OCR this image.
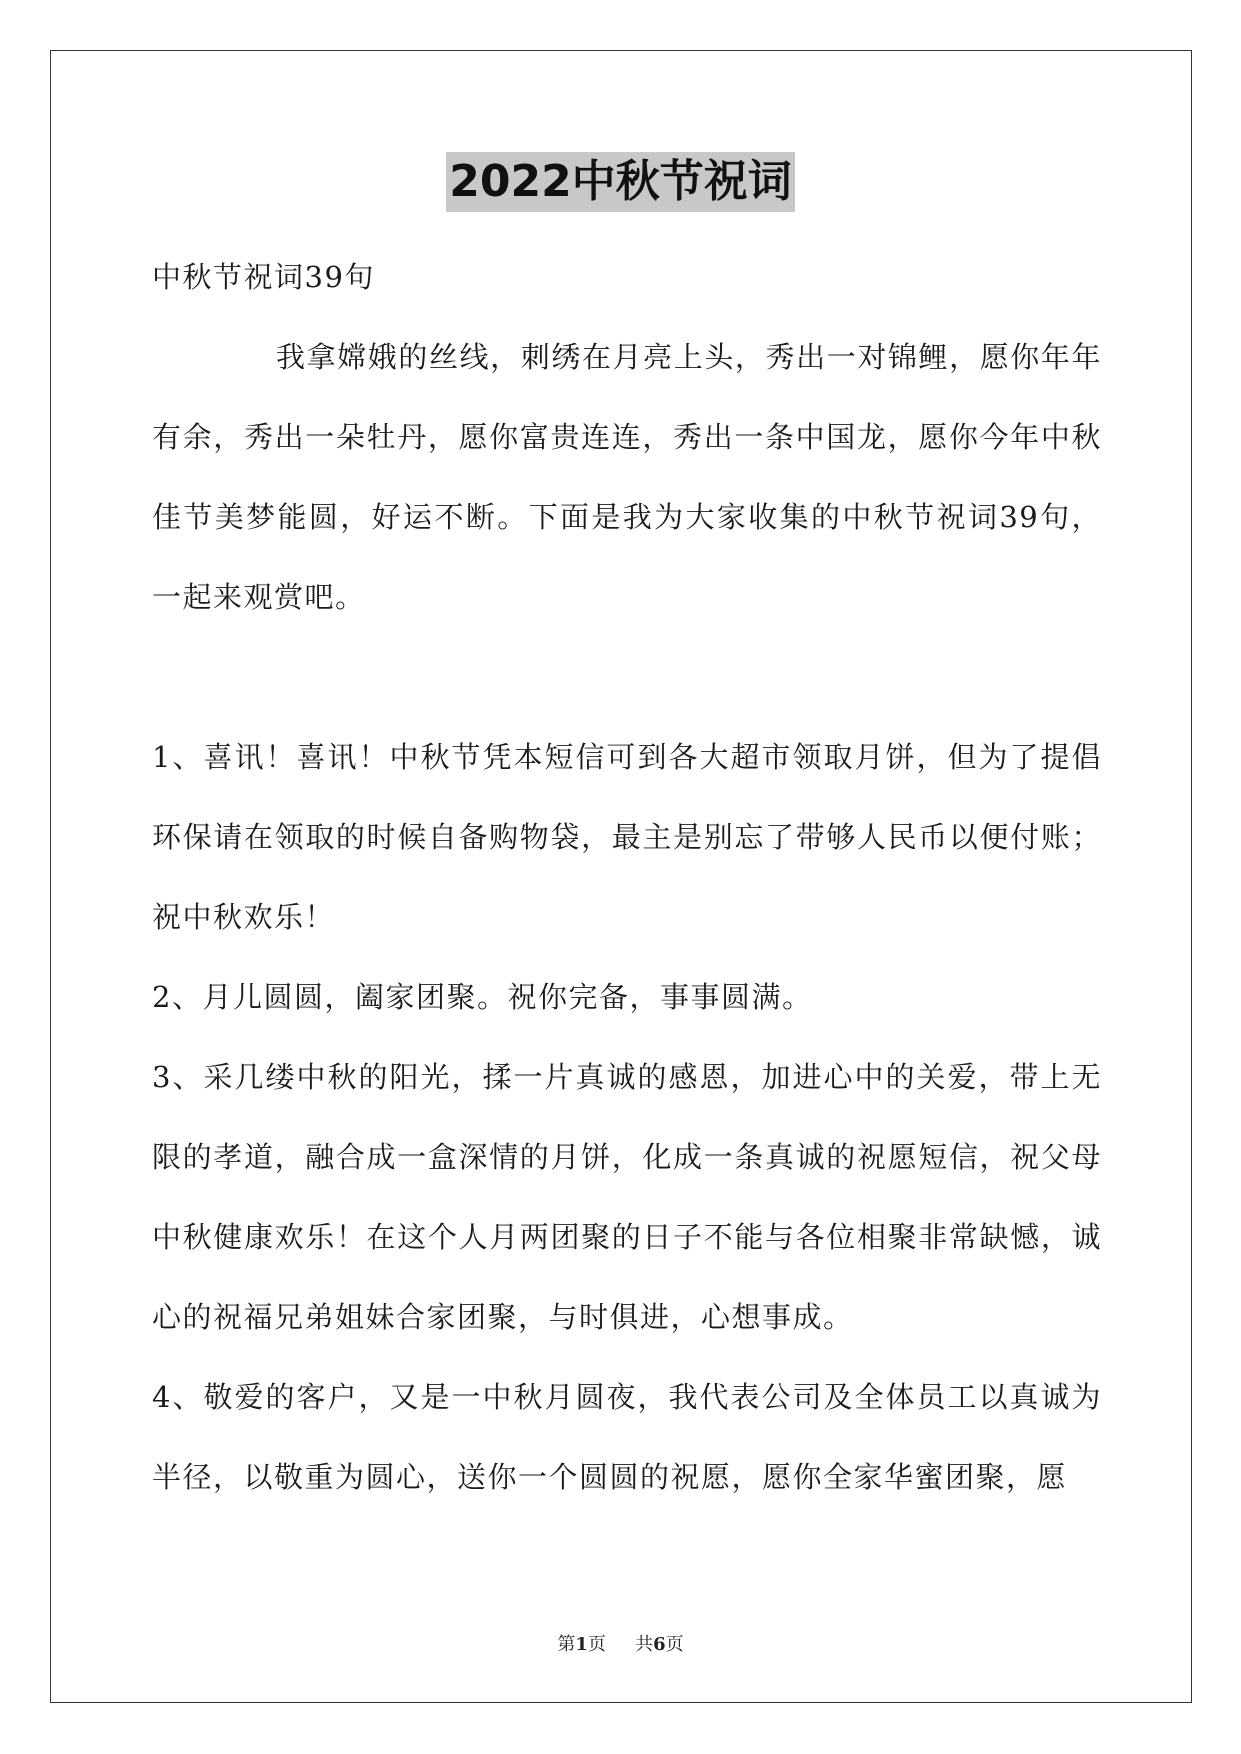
2022中秋节祝词

中秋节祝词39句

我拿嫦娥的丝线，刺绣在月亮上头，秀出一对锦鲤，愿你年年有余，秀出一朵牡丹，愿你富贵连连，秀出一条中国龙，愿你今年中秋佳节美梦能圆，好运不断。下面是我为大家收集的中秋节祝词39句，一起来观赏吧。

1、喜讯！喜讯！中秋节凭本短信可到各大超市领取月饼，但为了提倡环保请在领取的时候自备购物袋，最主是别忘了带够人民币以便付账；祝中秋欢乐！

2、月儿圆圆，阖家团聚。祝你完备，事事圆满。

3、采几缕中秋的阳光，揉一片真诚的感恩，加进心中的关爱，带上无限的孝道，融合成一盒深情的月饼，化成一条真诚的祝愿短信，祝父母中秋健康欢乐！在这个人月两团聚的日子不能与各位相聚非常缺憾，诚心的祝福兄弟姐妹合家团聚，与时俱进，心想事成。

4、敬爱的客户，又是一中秋月圆夜，我代表公司及全体员工以真诚为半径，以敬重为圆心，送你一个圆圆的祝愿，愿你全家华蜜团聚，愿

第1页 共6页
